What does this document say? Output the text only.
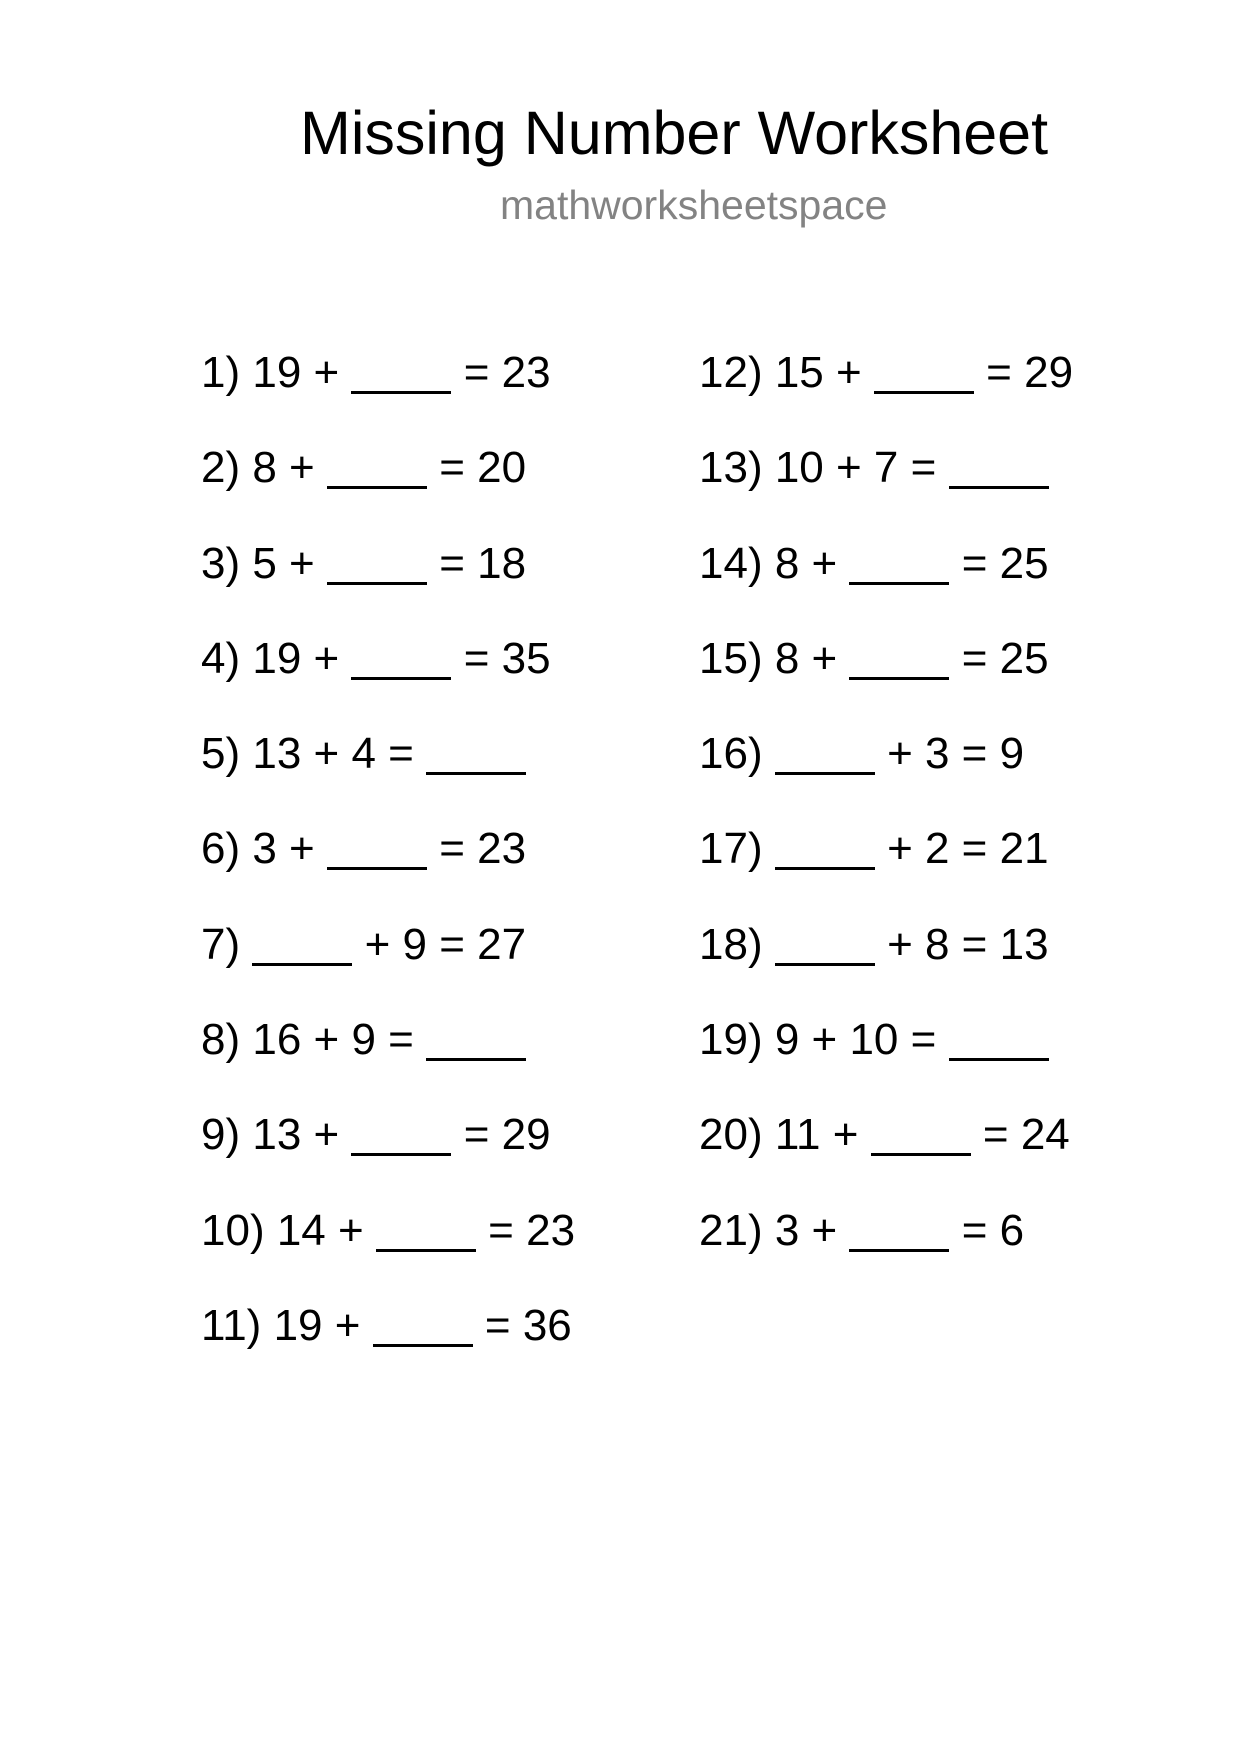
Missing Number Worksheet
mathworksheetspace
1) 19 +	= 23
2) 8 +	= 20
3) 5 +	= 18
4) 19 +	= 35
5) 13 + 4 =
6) 3 +	= 23
7)	+ 9 = 27
8) 16 + 9 =
9) 13 +	= 29
10) 14 +	= 23
11) 19 +	= 36
12) 15 +	= 29
13) 10 + 7 =
14) 8 +	= 25
15) 8 +	= 25
16)	+ 3 = 9
17)	+ 2 = 21
18)	+ 8 = 13
19) 9 + 10 =
20) 11 +	= 24
21) 3 +	= 6
